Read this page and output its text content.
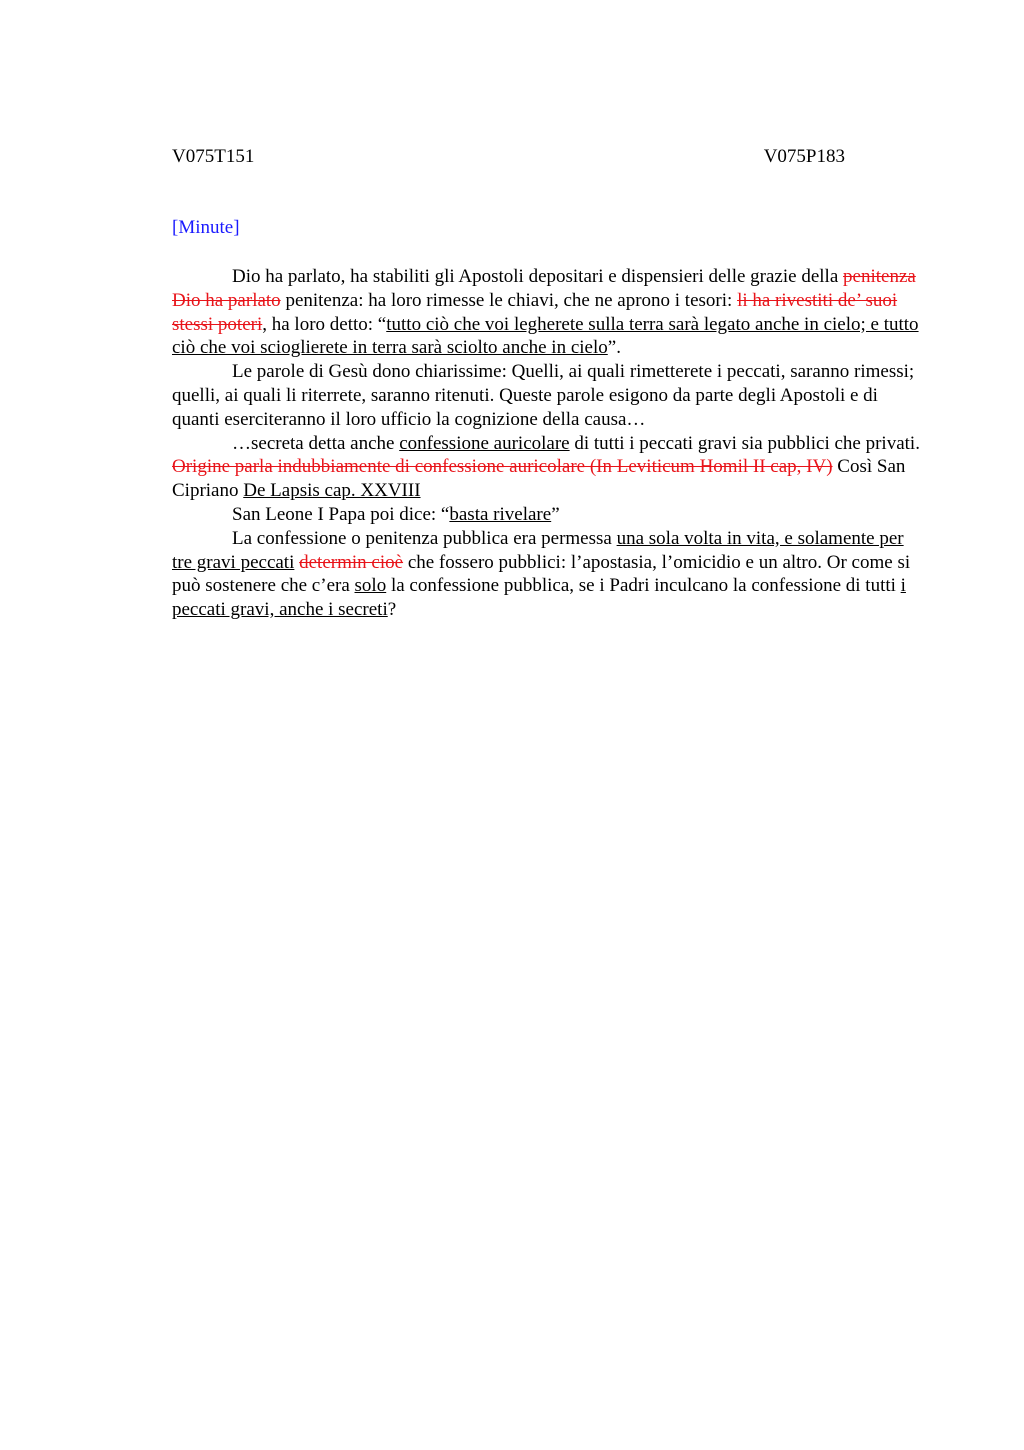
V075T151	V075P183
[Minute]

Dio ha parlato, ha stabiliti gli Apostoli depositari e dispensieri delle grazie della penitenza Dio ha parlato penitenza: ha loro rimesse le chiavi, che ne aprono i tesori: li ha rivestiti de’ suoi stessi poteri, ha loro detto: “tutto ciò che voi legherete sulla terra sarà legato anche in cielo; e tutto ciò che voi scioglierete in terra sarà sciolto anche in cielo”.

Le parole di Gesù dono chiarissime: Quelli, ai quali rimetterete i peccati, saranno rimessi; quelli, ai quali li riterrete, saranno ritenuti. Queste parole esigono da parte degli Apostoli e di quanti eserciteranno il loro ufficio la cognizione della causa…

…secreta detta anche confessione auricolare di tutti i peccati gravi sia pubblici che privati. Origine parla indubbiamente di confessione auricolare (In Leviticum Homil II cap, IV) Così San Cipriano De Lapsis cap. XXVIII

San Leone I Papa poi dice: “basta rivelare”

La confessione o penitenza pubblica era permessa una sola volta in vita, e solamente per tre gravi peccati determin cioè che fossero pubblici: l’apostasia, l’omicidio e un altro. Or come si può sostenere che c’era solo la confessione pubblica, se i Padri inculcano la confessione di tutti i peccati gravi, anche i secreti?
